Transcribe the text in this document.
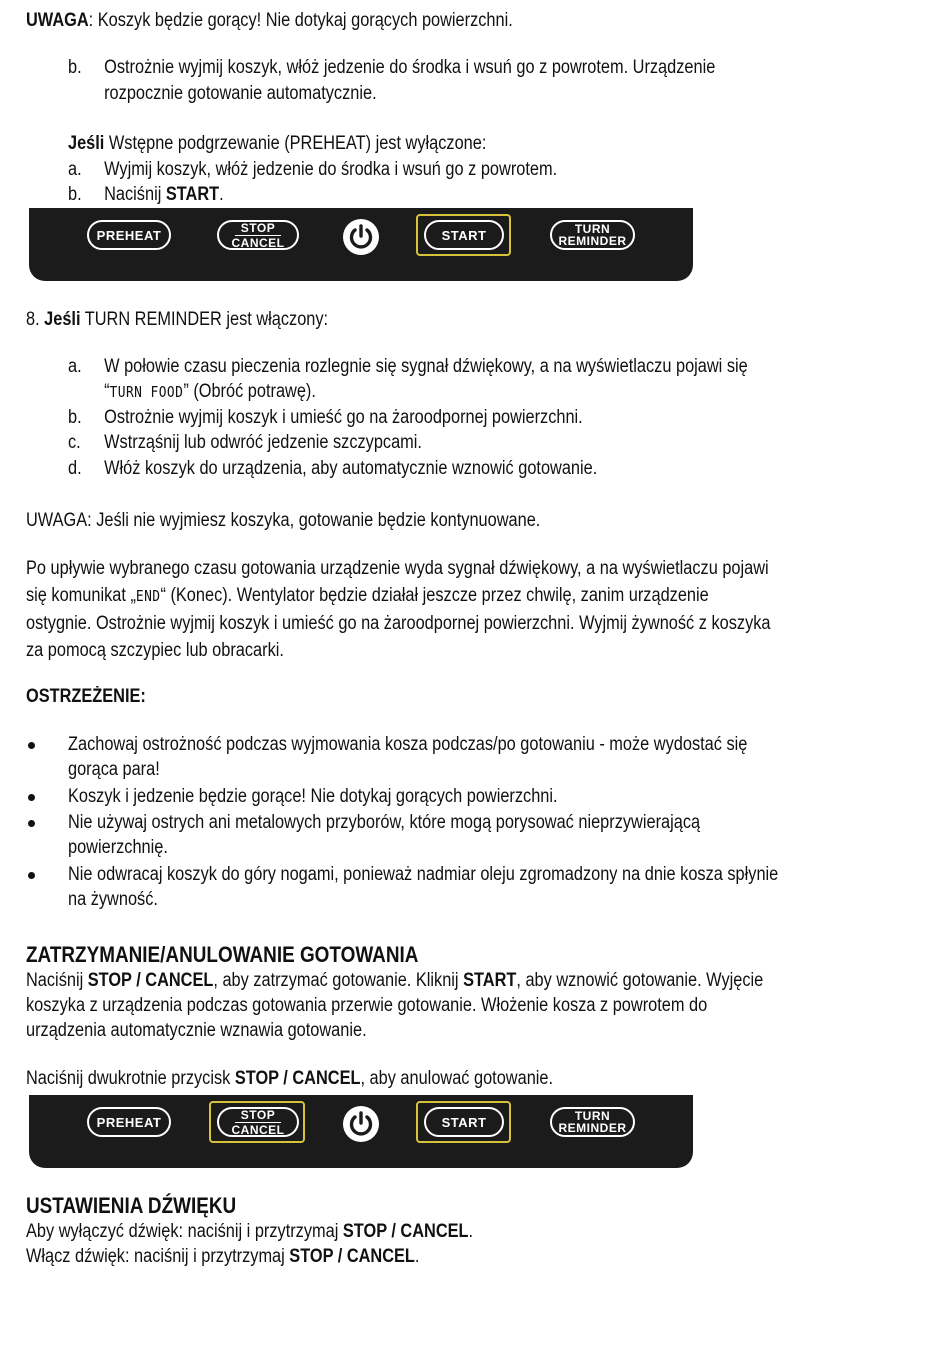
UWAGA: Koszyk będzie gorący! Nie dotykaj gorących powierzchni.
b. Ostrożnie wyjmij koszyk, włóż jedzenie do środka i wsuń go z powrotem. Urządzenie
rozpocznie gotowanie automatycznie.
Jeśli Wstępne podgrzewanie (PREHEAT) jest wyłączone:
a. Wyjmij koszyk, włóż jedzenie do środka i wsuń go z powrotem.
b. Naciśnij START.
PREHEAT	STOP
CANCEL	START	TURN
REMINDER
8. Jeśli TURN REMINDER jest włączony:
a. W połowie czasu pieczenia rozlegnie się sygnał dźwiękowy, a na wyświetlaczu pojawi się
“TURN FOOD” (Obróć potrawę).
b. Ostrożnie wyjmij koszyk i umieść go na żaroodpornej powierzchni.
c. Wstrząśnij lub odwróć jedzenie szczypcami.
d. Włóż koszyk do urządzenia, aby automatycznie wznowić gotowanie.
UWAGA: Jeśli nie wyjmiesz koszyka, gotowanie będzie kontynuowane.
Po upływie wybranego czasu gotowania urządzenie wyda sygnał dźwiękowy, a na wyświetlaczu pojawi
się komunikat „END“ (Konec). Wentylator będzie działał jeszcze przez chwilę, zanim urządzenie
ostygnie. Ostrożnie wyjmij koszyk i umieść go na żaroodpornej powierzchni. Wyjmij żywność z koszyka
za pomocą szczypiec lub obracarki.
OSTRZEŻENIE:
Zachowaj ostrożność podczas wyjmowania kosza podczas/po gotowaniu - może wydostać się
gorąca para!
Koszyk i jedzenie będzie gorące! Nie dotykaj gorących powierzchni.
Nie używaj ostrych ani metalowych przyborów, które mogą porysować nieprzywierającą
powierzchnię.
Nie odwracaj koszyk do góry nogami, ponieważ nadmiar oleju zgromadzony na dnie kosza spłynie
na żywność.
ZATRZYMANIE/ANULOWANIE GOTOWANIA
Naciśnij STOP / CANCEL, aby zatrzymać gotowanie. Kliknij START, aby wznowić gotowanie. Wyjęcie
koszyka z urządzenia podczas gotowania przerwie gotowanie. Włożenie kosza z powrotem do
urządzenia automatycznie wznawia gotowanie.
Naciśnij dwukrotnie przycisk STOP / CANCEL, aby anulować gotowanie.
PREHEAT	STOP
CANCEL	START	TURN
REMINDER
USTAWIENIA DŹWIĘKU
Aby wyłączyć dźwięk: naciśnij i przytrzymaj STOP / CANCEL.
Włącz dźwięk: naciśnij i przytrzymaj STOP / CANCEL.
